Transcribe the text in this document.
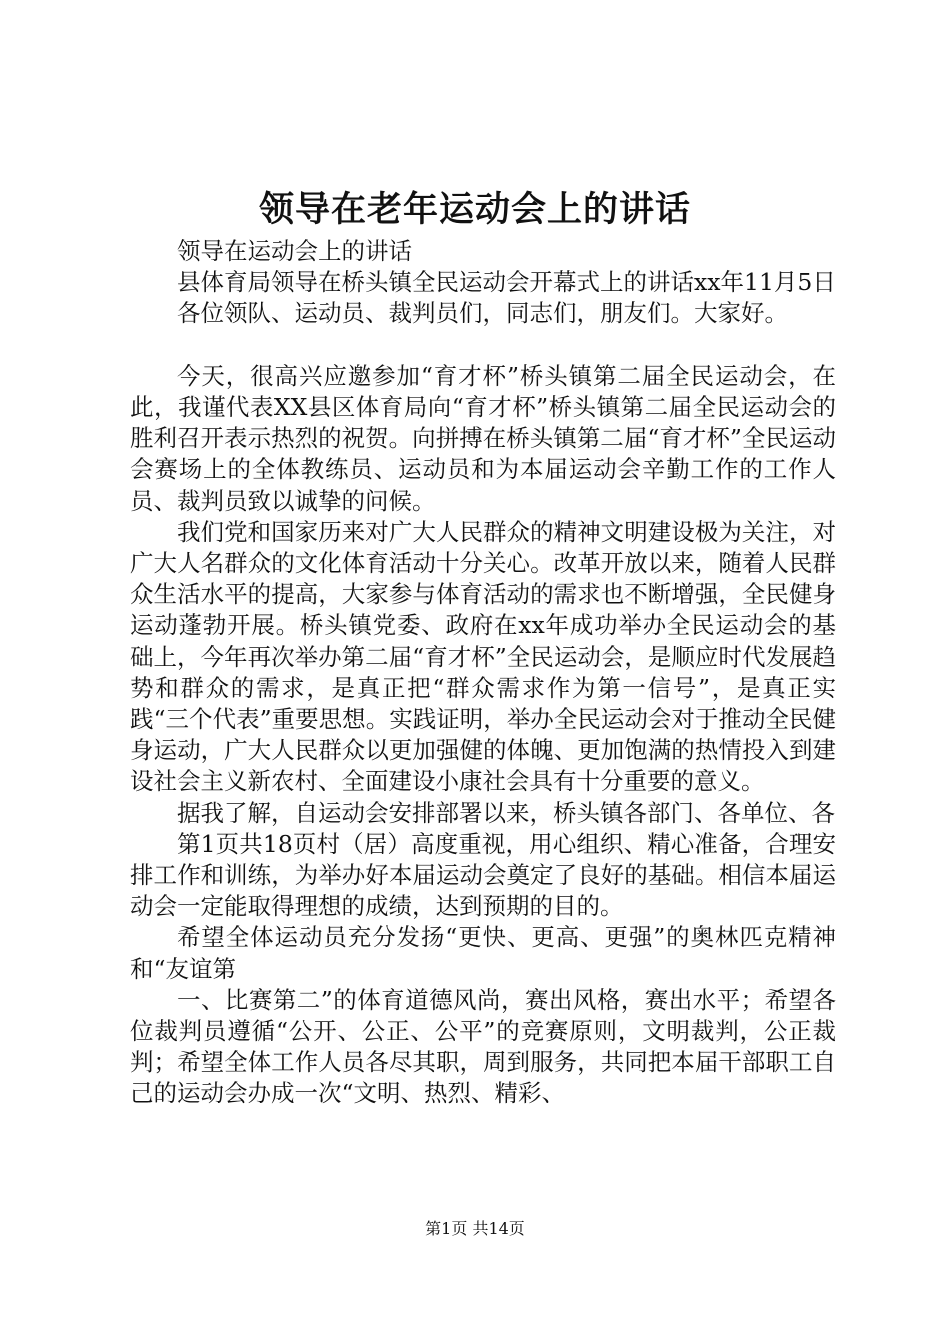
领导在老年运动会上的讲话

领导在运动会上的讲话

县体育局领导在桥头镇全民运动会开幕式上的讲话xx年11月5日

各位领队、运动员、裁判员们，同志们，朋友们。大家好。

今天，很高兴应邀参加“育才杯”桥头镇第二届全民运动会，在此，我谨代表XX县区体育局向“育才杯”桥头镇第二届全民运动会的胜利召开表示热烈的祝贺。向拼搏在桥头镇第二届“育才杯”全民运动会赛场上的全体教练员、运动员和为本届运动会辛勤工作的工作人员、裁判员致以诚挚的问候。

我们党和国家历来对广大人民群众的精神文明建设极为关注，对广大人名群众的文化体育活动十分关心。改革开放以来，随着人民群众生活水平的提高，大家参与体育活动的需求也不断增强，全民健身运动蓬勃开展。桥头镇党委、政府在xx年成功举办全民运动会的基础上，今年再次举办第二届“育才杯”全民运动会，是顺应时代发展趋势和群众的需求，是真正把“群众需求作为第一信号”，是真正实践“三个代表”重要思想。实践证明，举办全民运动会对于推动全民健身运动，广大人民群众以更加强健的体魄、更加饱满的热情投入到建设社会主义新农村、全面建设小康社会具有十分重要的意义。

据我了解，自运动会安排部署以来，桥头镇各部门、各单位、各

第1页共18页村（居）高度重视，用心组织、精心准备，合理安排工作和训练，为举办好本届运动会奠定了良好的基础。相信本届运动会一定能取得理想的成绩，达到预期的目的。

希望全体运动员充分发扬“更快、更高、更强”的奥林匹克精神和“友谊第

一、比赛第二”的体育道德风尚，赛出风格，赛出水平；希望各位裁判员遵循“公开、公正、公平”的竞赛原则，文明裁判，公正裁判；希望全体工作人员各尽其职，周到服务，共同把本届干部职工自己的运动会办成一次“文明、热烈、精彩、

第1页 共14页
